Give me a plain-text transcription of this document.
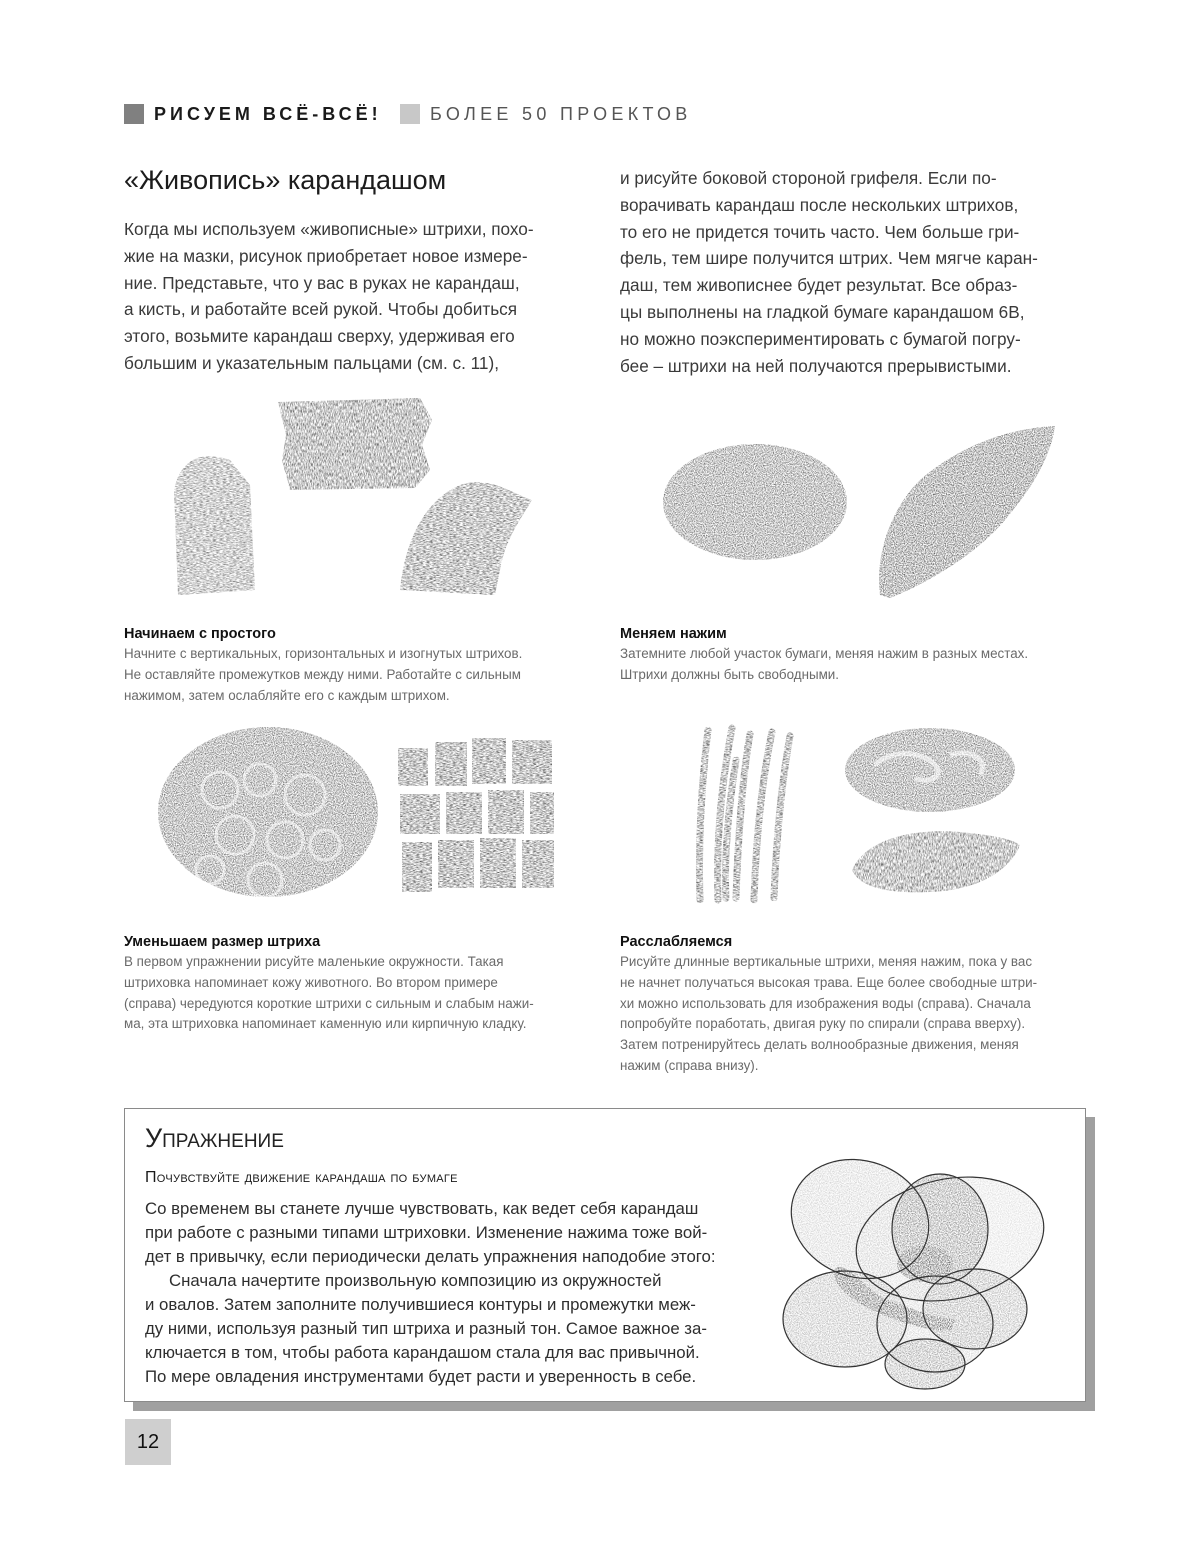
РИСУЕМ ВСЁ-ВСЁ!	БОЛЕЕ 50 ПРОЕКТОВ
«Живопись» карандашом
Когда мы используем «живописные» штрихи, похо-
жие на мазки, рисунок приобретает новое измере-
ние. Представьте, что у вас в руках не карандаш,
а кисть, и работайте всей рукой. Чтобы добиться
этого, возьмите карандаш сверху, удерживая его
большим и указательным пальцами (см. с. 11),
и рисуйте боковой стороной грифеля. Если по-
ворачивать карандаш после нескольких штрихов,
то его не придется точить часто. Чем больше гри-
фель, тем шире получится штрих. Чем мягче каран-
даш, тем живописнее будет результат. Все образ-
цы выполнены на гладкой бумаге карандашом 6B,
но можно поэкспериментировать с бумагой погру-
бее – штрихи на ней получаются прерывистыми.
Начинаем с простого
Начните с вертикальных, горизонтальных и изогнутых штрихов.
Не оставляйте промежутков между ними. Работайте с сильным
нажимом, затем ослабляйте его с каждым штрихом.
Меняем нажим
Затемните любой участок бумаги, меняя нажим в разных местах.
Штрихи должны быть свободными.
Уменьшаем размер штриха
В первом упражнении рисуйте маленькие окружности. Такая
штриховка напоминает кожу животного. Во втором примере
(справа) чередуются короткие штрихи с сильным и слабым нажи-
ма, эта штриховка напоминает каменную или кирпичную кладку.
Расслабляемся
Рисуйте длинные вертикальные штрихи, меняя нажим, пока у вас
не начнет получаться высокая трава. Еще более свободные штри-
хи можно использовать для изображения воды (справа). Сначала
попробуйте поработать, двигая руку по спирали (справа вверху).
Затем потренируйтесь делать волнообразные движения, меняя
нажим (справа внизу).
Упражнение
Почувствуйте движение карандаша по бумаге
Со временем вы станете лучше чувствовать, как ведет себя карандаш
при работе с разными типами штриховки. Изменение нажима тоже вой-
дет в привычку, если периодически делать упражнения наподобие этого:
Сначала начертите произвольную композицию из окружностей
и овалов. Затем заполните получившиеся контуры и промежутки меж-
ду ними, используя разный тип штриха и разный тон. Самое важное за-
ключается в том, чтобы работа карандашом стала для вас привычной.
По мере овладения инструментами будет расти и уверенность в себе.
12
